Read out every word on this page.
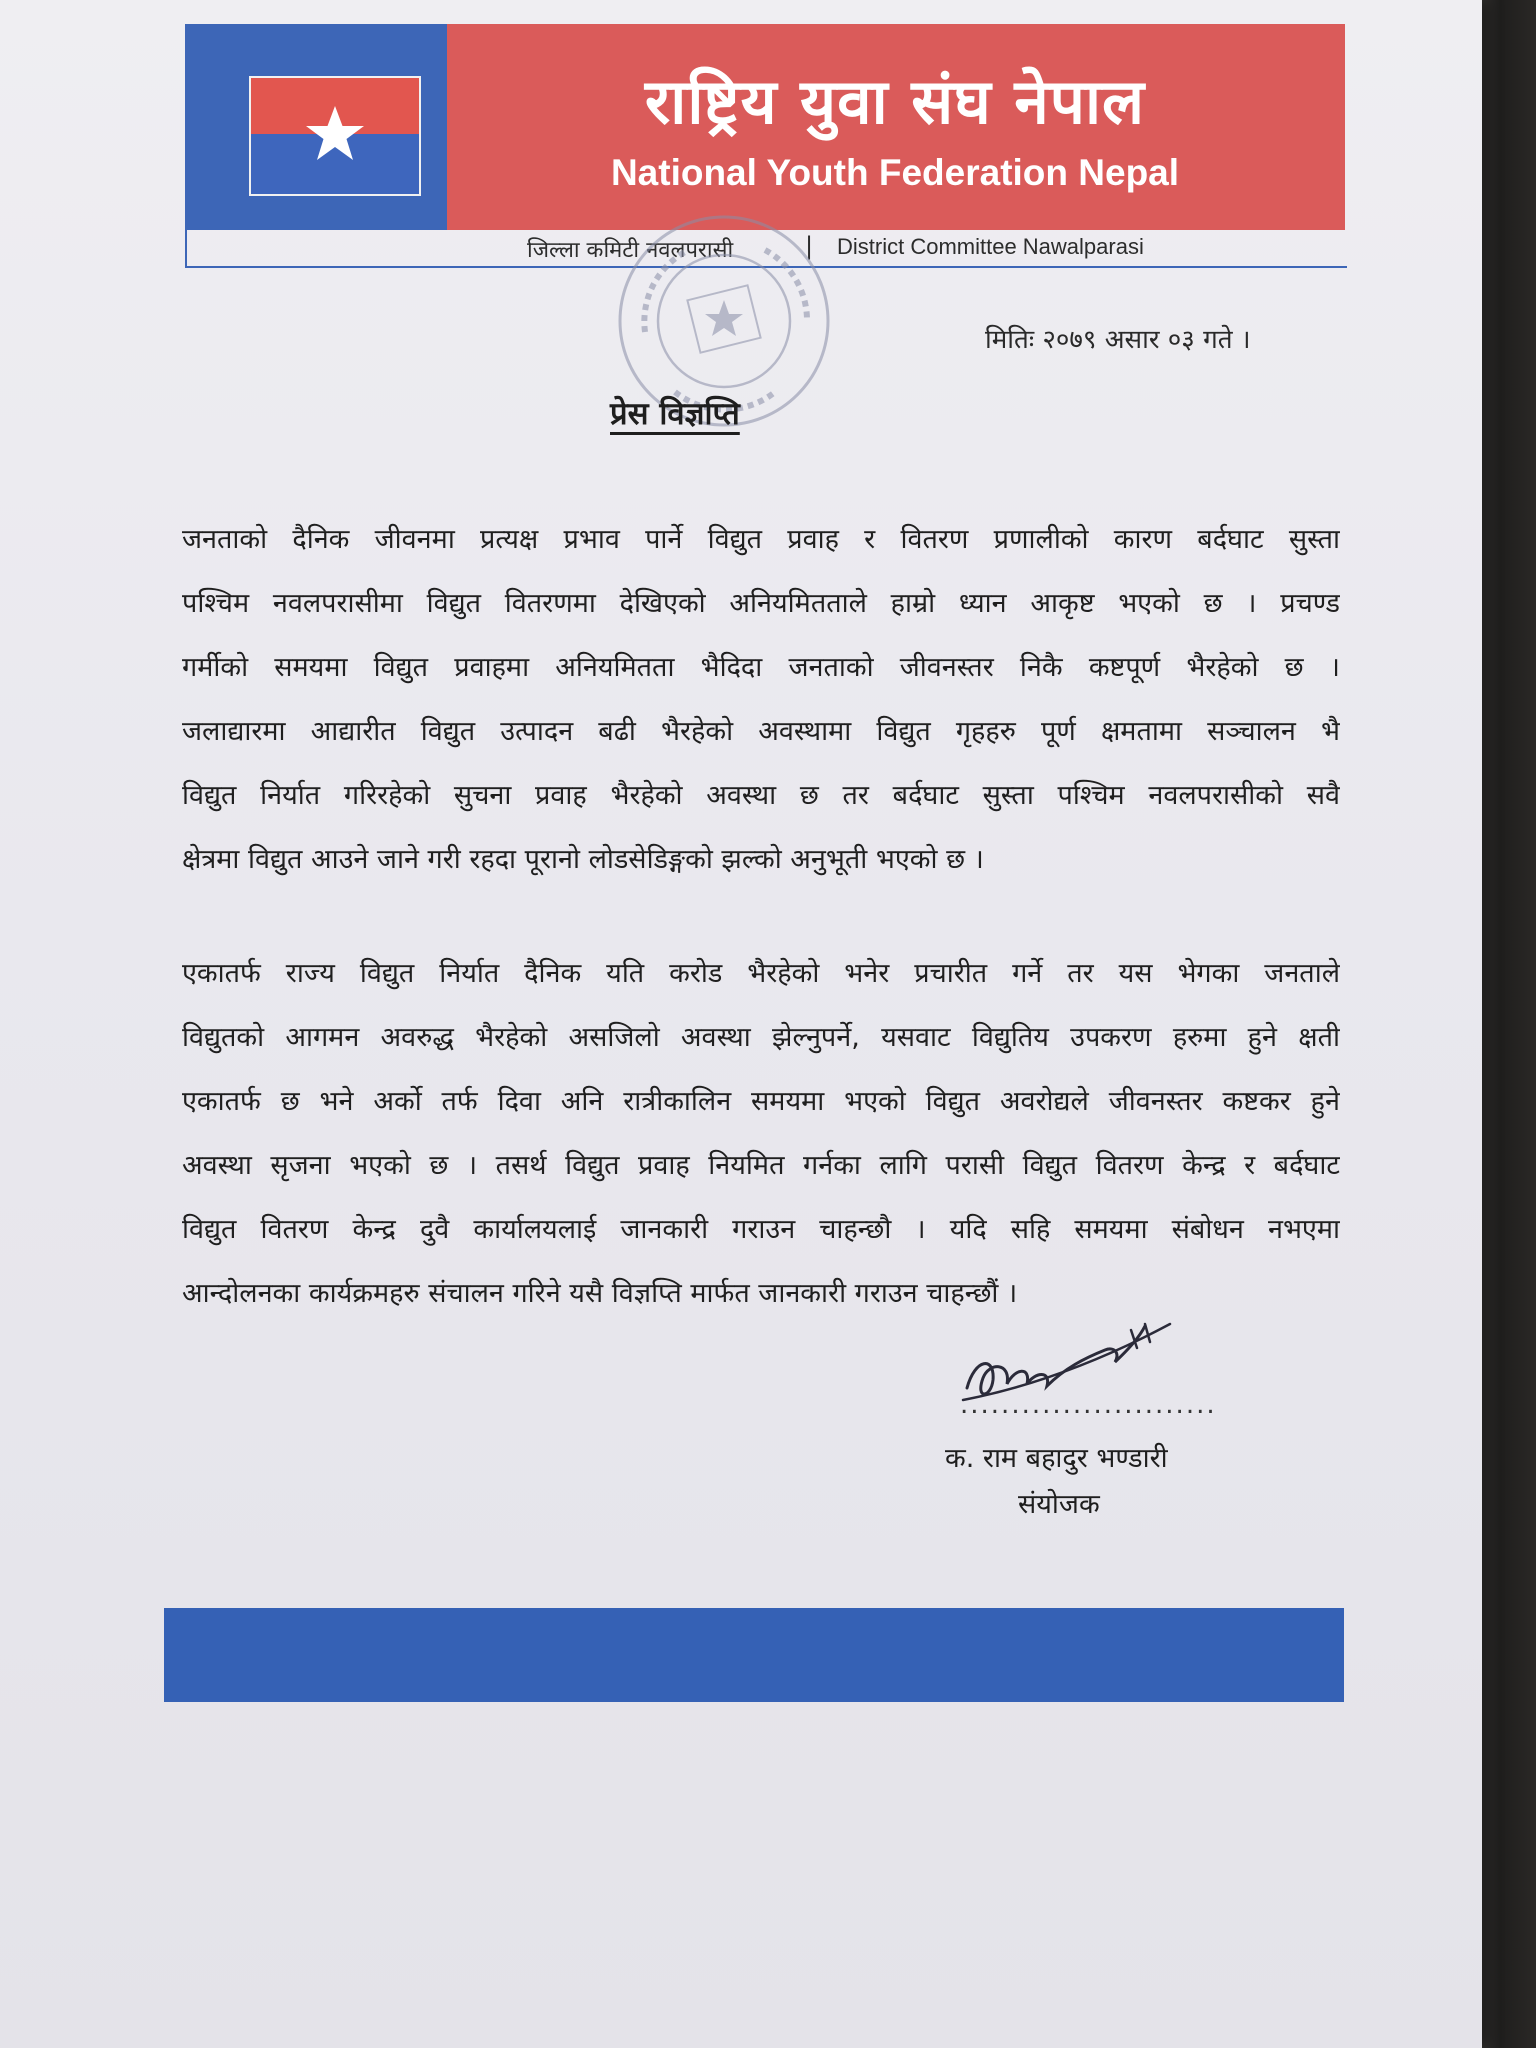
राष्ट्रिय युवा संघ नेपाल
National Youth Federation Nepal
जिल्ला कमिटी नवलपरासी	| District Committee Nawalparasi
मितिः २०७९ असार ०३ गते ।
प्रेस विज्ञप्ति
जनताको दैनिक जीवनमा प्रत्यक्ष प्रभाव पार्ने विद्युत प्रवाह र वितरण प्रणालीको कारण बर्दघाट सुस्ता
पश्चिम नवलपरासीमा विद्युत वितरणमा देखिएको अनियमितताले हाम्रो ध्यान आकृष्ट भएको छ । प्रचण्ड
गर्मीको समयमा विद्युत प्रवाहमा अनियमितता भैदिदा जनताको जीवनस्तर निकै कष्टपूर्ण भैरहेको छ ।
जलाद्यारमा आद्यारीत विद्युत उत्पादन बढी भैरहेको अवस्थामा विद्युत गृहहरु पूर्ण क्षमतामा सञ्चालन भै
विद्युत निर्यात गरिरहेको सुचना प्रवाह भैरहेको अवस्था छ तर बर्दघाट सुस्ता पश्चिम नवलपरासीको सवै
क्षेत्रमा विद्युत आउने जाने गरी रहदा पूरानो लोडसेडिङ्गको झल्को अनुभूती भएको छ ।
एकातर्फ राज्य विद्युत निर्यात दैनिक यति करोड भैरहेको भनेर प्रचारीत गर्ने तर यस भेगका जनताले
विद्युतको आगमन अवरुद्ध भैरहेको असजिलो अवस्था झेल्नुपर्ने, यसवाट विद्युतिय उपकरण हरुमा हुने क्षती
एकातर्फ छ भने अर्को तर्फ दिवा अनि रात्रीकालिन समयमा भएको विद्युत अवरोद्यले जीवनस्तर कष्टकर हुने
अवस्था सृजना भएको छ । तसर्थ विद्युत प्रवाह नियमित गर्नका लागि परासी विद्युत वितरण केन्द्र र बर्दघाट
विद्युत वितरण केन्द्र दुवै कार्यालयलाई जानकारी गराउन चाहन्छौ । यदि सहि समयमा संबोधन नभएमा
आन्दोलनका कार्यक्रमहरु संचालन गरिने यसै विज्ञप्ति मार्फत जानकारी गराउन चाहन्छौं ।
.........................
क. राम बहादुर भण्डारी
संयोजक
